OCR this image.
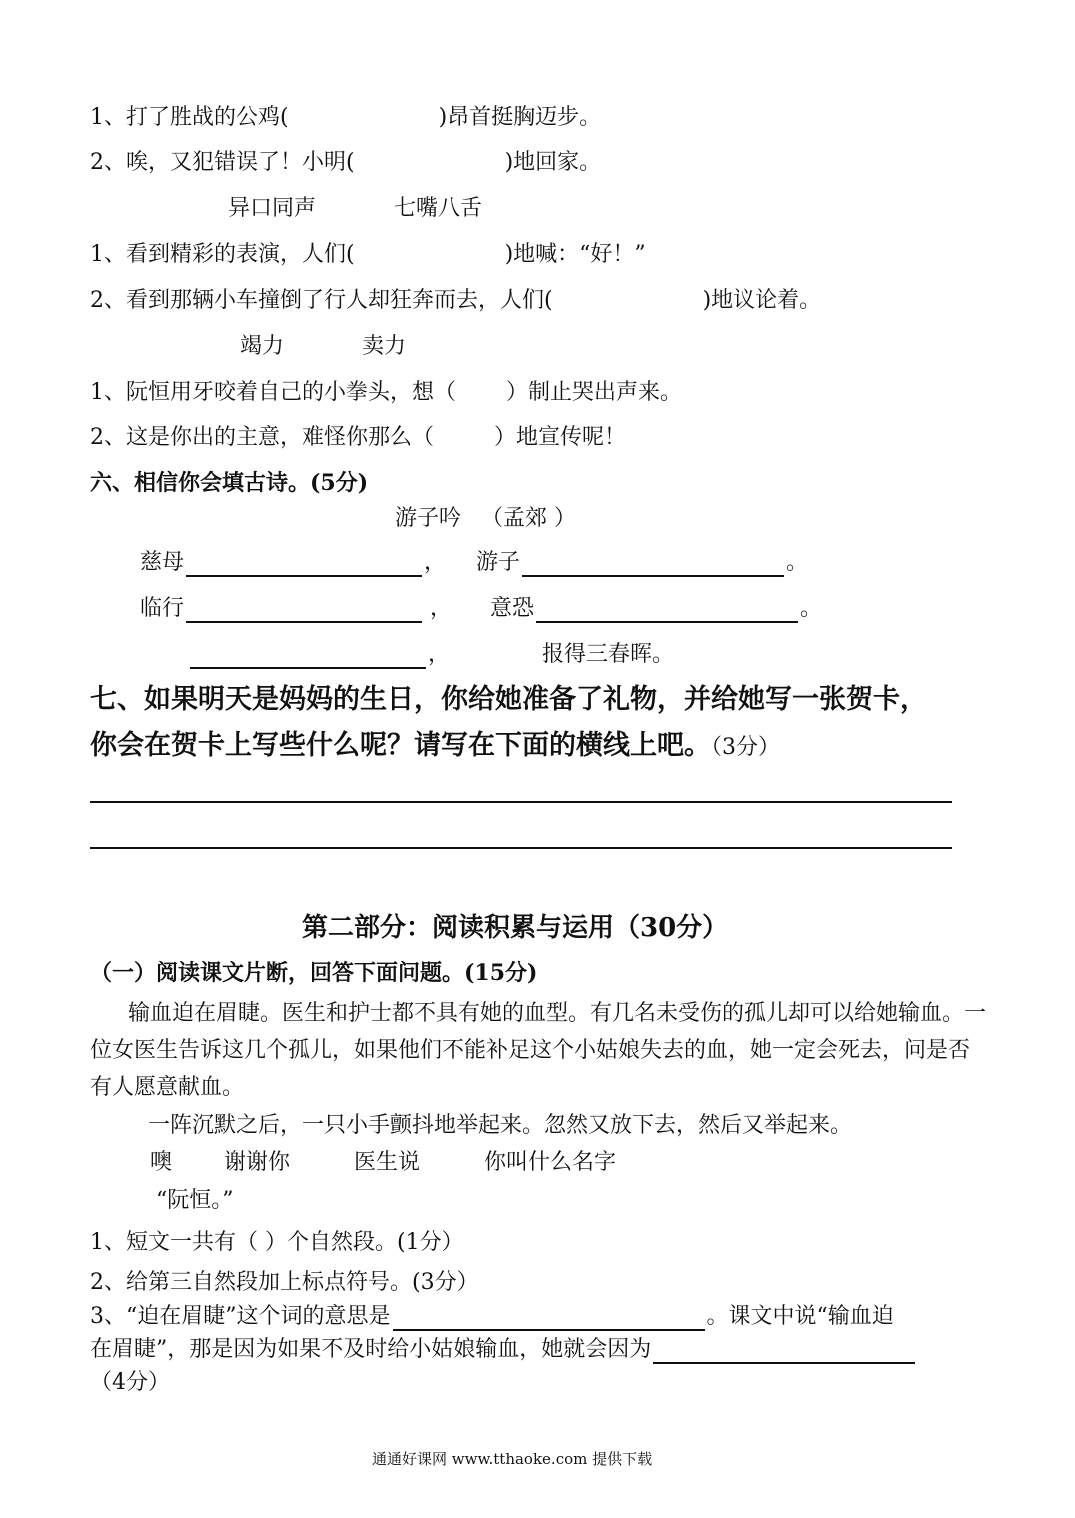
1、打了胜战的公鸡(	)昂首挺胸迈步。
2、唉，又犯错误了！小明(	)地回家。
异口同声	七嘴八舌
1、看到精彩的表演，人们(	)地喊：“好！”
2、看到那辆小车撞倒了行人却狂奔而去，人们(	)地议论着。
竭力	卖力
1、阮恒用牙咬着自己的小拳头，想（ ）制止哭出声来。
2、这是你出的主意，难怪你那么（	）地宣传呢！
六、相信你会填古诗。(5分)
游子吟 （孟郊 ）
慈母	， 游子	。
临行	， 意恐	。
，	报得三春晖。
七、如果明天是妈妈的生日，你给她准备了礼物，并给她写一张贺卡，
你会在贺卡上写些什么呢？请写在下面的横线上吧。（3分）
第二部分：阅读积累与运用（30分）
（一）阅读课文片断，回答下面问题。(15分)
输血迫在眉睫。医生和护士都不具有她的血型。有几名未受伤的孤儿却可以给她输血。一位女医生告诉这几个孤儿，如果他们不能补足这个小姑娘失去的血，她一定会死去，问是否有人愿意献血。
一阵沉默之后，一只小手颤抖地举起来。忽然又放下去，然后又举起来。
噢 谢谢你	医生说	你叫什么名字
“阮恒。”
1、短文一共有（ ）个自然段。(1分）
2、给第三自然段加上标点符号。(3分）
3、“迫在眉睫”这个词的意思是	。课文中说“输血迫
在眉睫”，那是因为如果不及时给小姑娘输血，她就会因为
（4分）
通通好课网 www.tthaoke.com 提供下载
